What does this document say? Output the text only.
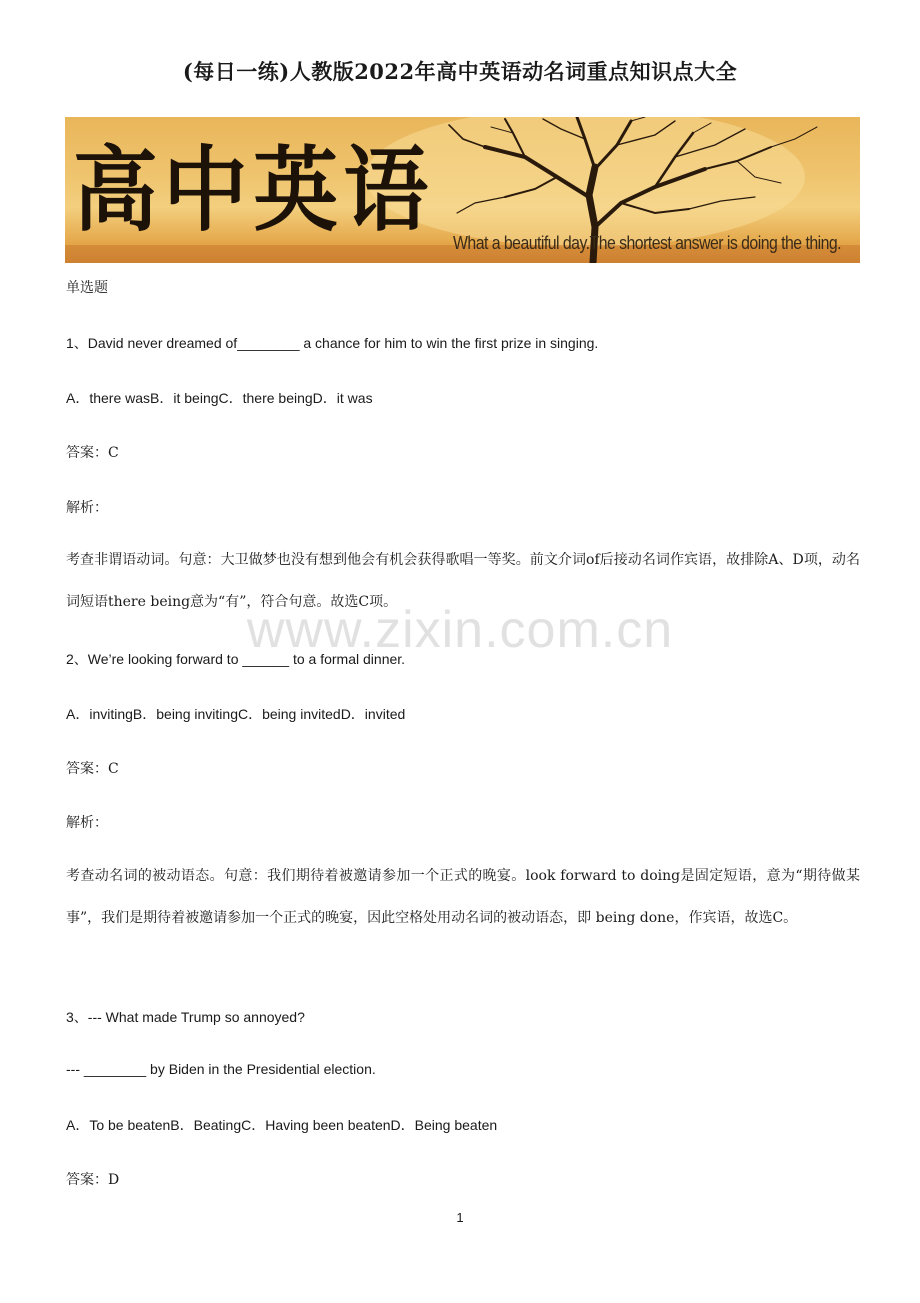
(每日一练)人教版2022年高中英语动名词重点知识点大全
高中英语 What a beautiful day.The shortest answer is doing the thing.
单选题
1、David never dreamed of________ a chance for him to win the first prize in singing.
A．there wasB．it beingC．there beingD．it was
答案：C
解析：
考查非谓语动词。句意：大卫做梦也没有想到他会有机会获得歌唱一等奖。前文介词of后接动名词作宾语，故排除A、D项，动名词短语there being意为“有”，符合句意。故选C项。
2、We’re looking forward to ______ to a formal dinner.
A．invitingB．being invitingC．being invitedD．invited
答案：C
解析：
考查动名词的被动语态。句意：我们期待着被邀请参加一个正式的晚宴。look forward to doing是固定短语，意为“期待做某事”，我们是期待着被邀请参加一个正式的晚宴，因此空格处用动名词的被动语态，即 being done，作宾语，故选C。
3、--- What made Trump so annoyed?
--- ________ by Biden in the Presidential election.
A．To be beatenB．BeatingC．Having been beatenD．Being beaten
答案：D
www.zixin.com.cn
1
